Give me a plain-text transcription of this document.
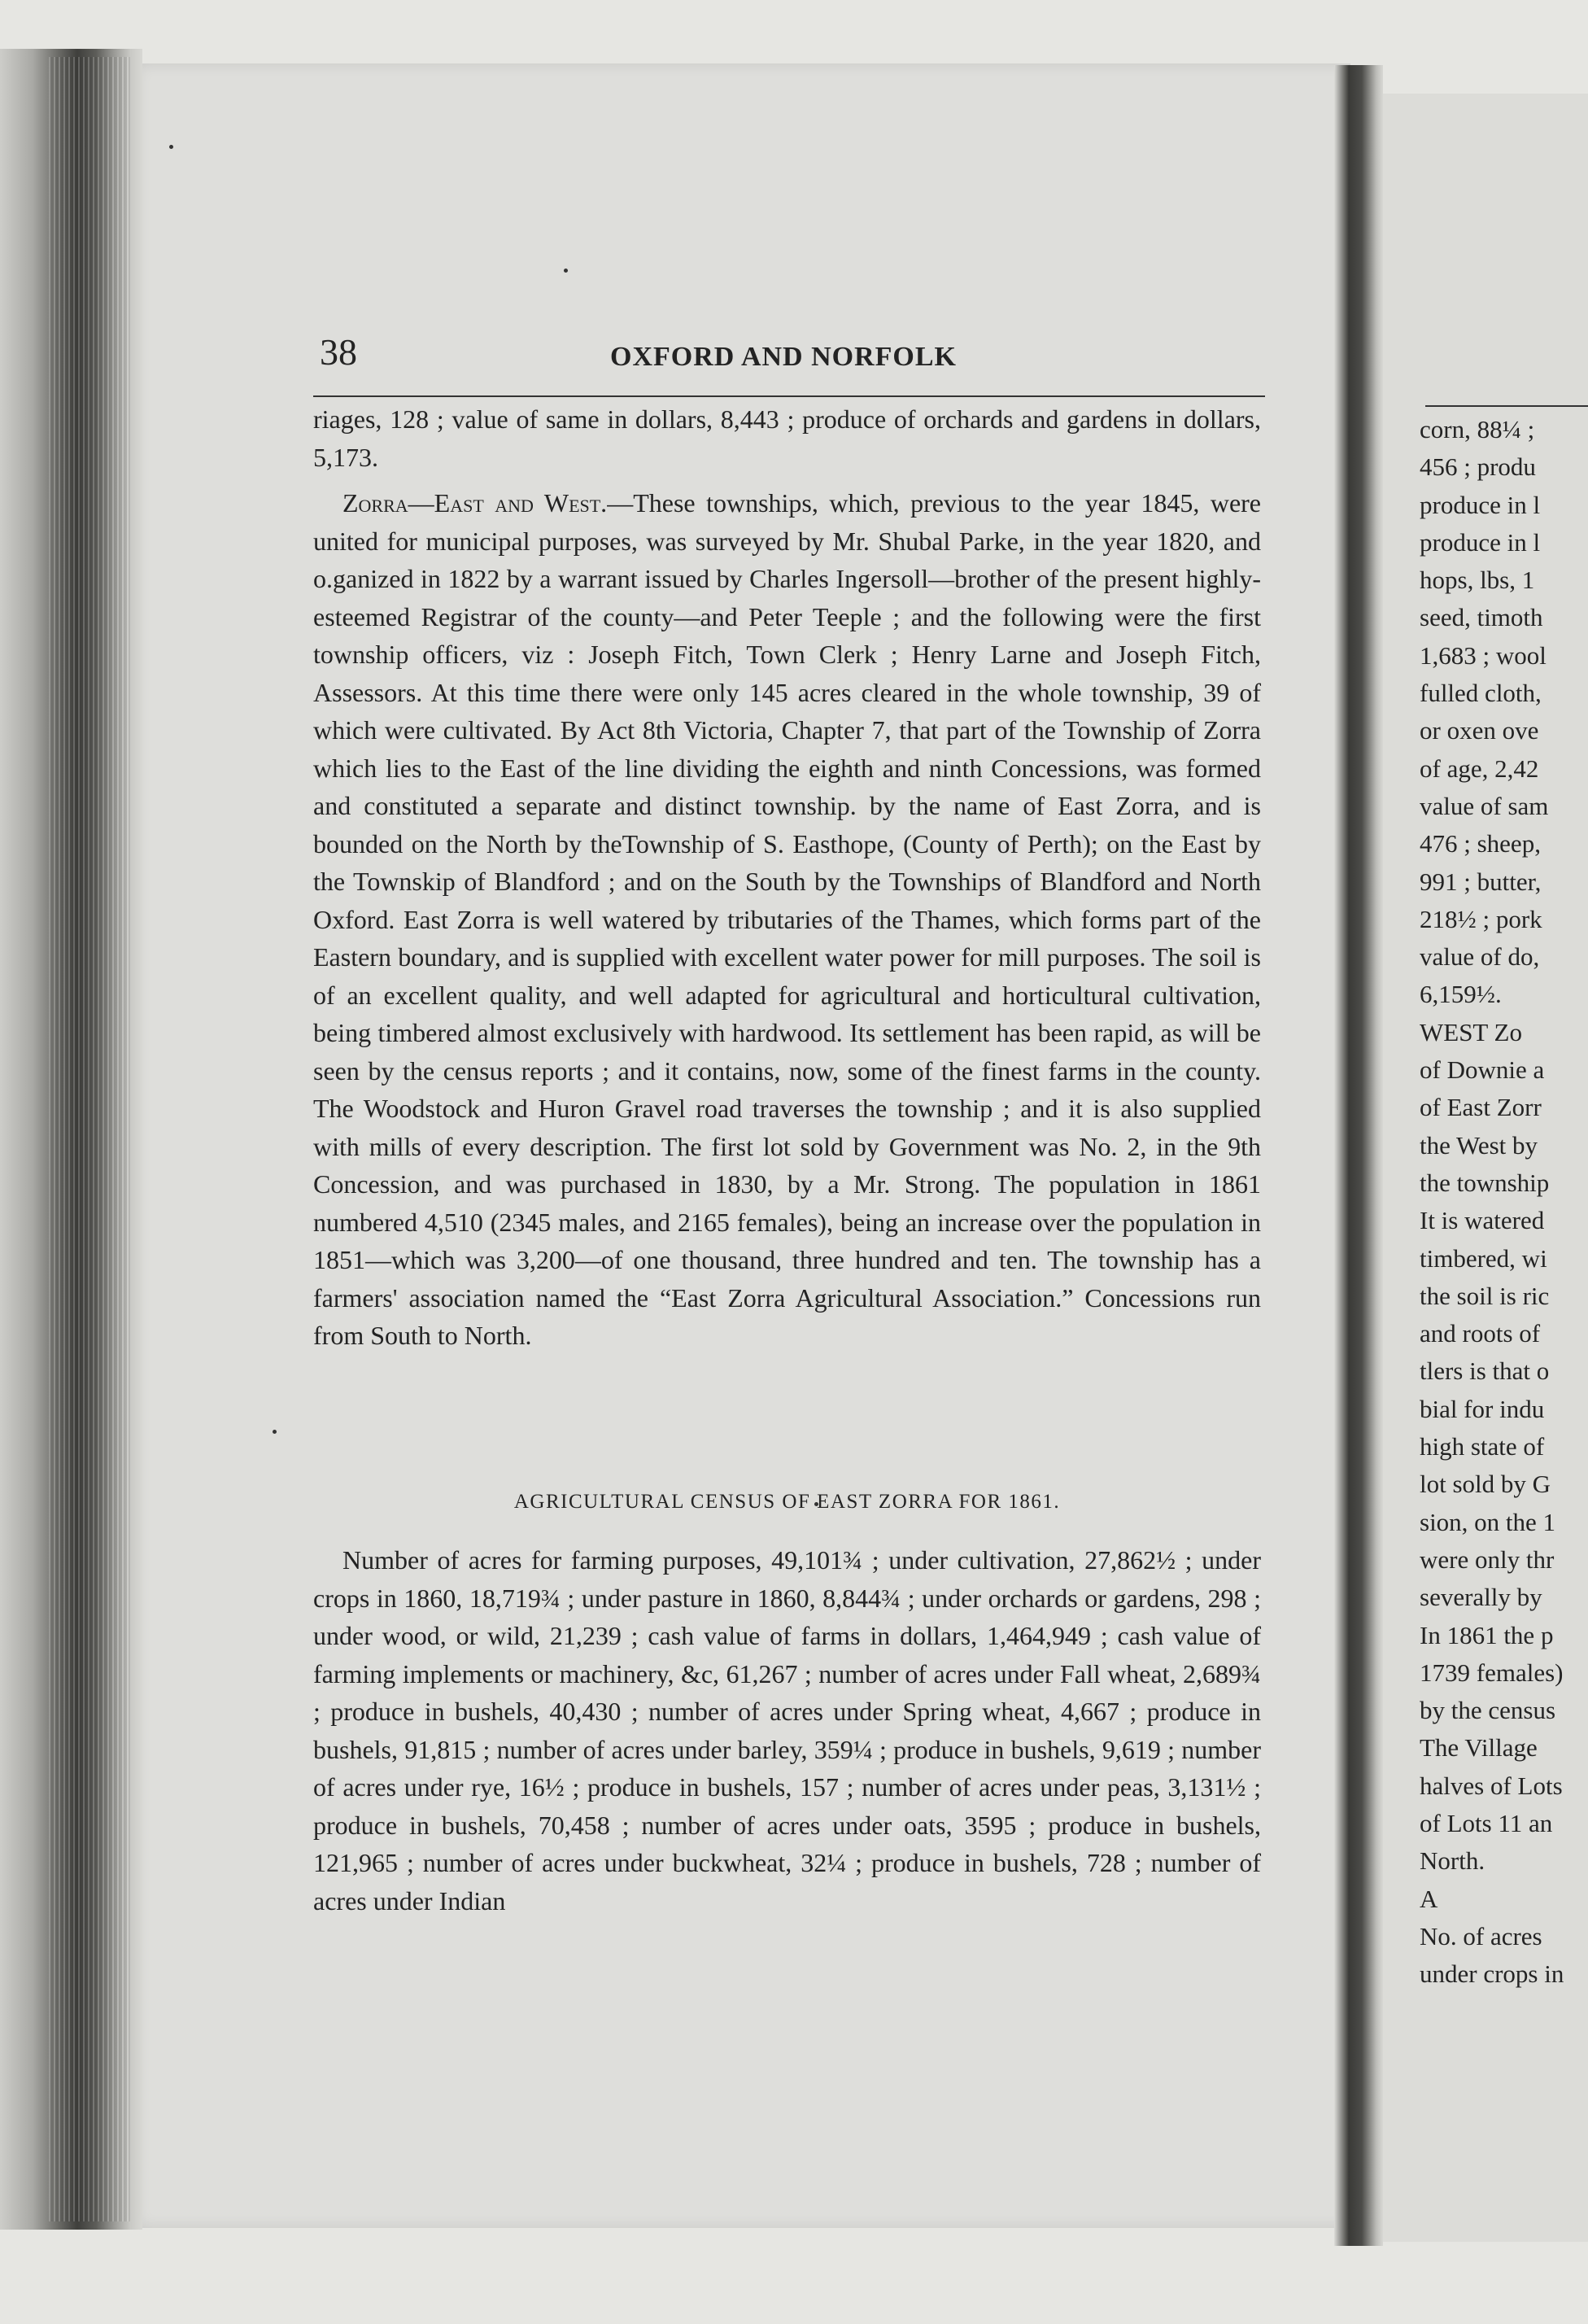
38	OXFORD AND NORFOLK

riages, 128 ; value of same in dollars, 8,443 ; produce of orchards and gardens in dollars, 5,173.

Zorra—East and West.—These townships, which, previous to the year 1845, were united for municipal purposes, was surveyed by Mr. Shubal Parke, in the year 1820, and o.ganized in 1822 by a warrant issued by Charles Ingersoll—brother of the present highly-esteemed Registrar of the county—and Peter Teeple ; and the following were the first township officers, viz : Joseph Fitch, Town Clerk ; Henry Larne and Joseph Fitch, Assessors. At this time there were only 145 acres cleared in the whole township, 39 of which were cultivated. By Act 8th Victoria, Chapter 7, that part of the Township of Zorra which lies to the East of the line dividing the eighth and ninth Concessions, was formed and constituted a separate and distinct township. by the name of East Zorra, and is bounded on the North by theTownship of S. Easthope, (County of Perth); on the East by the Townskip of Blandford ; and on the South by the Townships of Blandford and North Oxford. East Zorra is well watered by tributaries of the Thames, which forms part of the Eastern boundary, and is supplied with excellent water power for mill purposes. The soil is of an excellent quality, and well adapted for agricultural and horticultural cultivation, being timbered almost exclusively with hardwood. Its settlement has been rapid, as will be seen by the census reports ; and it contains, now, some of the finest farms in the county. The Woodstock and Huron Gravel road traverses the township ; and it is also supplied with mills of every description. The first lot sold by Government was No. 2, in the 9th Concession, and was purchased in 1830, by a Mr. Strong. The population in 1861 numbered 4,510 (2345 males, and 2165 females), being an increase over the population in 1851—which was 3,200—of one thousand, three hundred and ten. The township has a farmers' association named the “East Zorra Agricultural Association.” Concessions run from South to North.

AGRICULTURAL CENSUS OF EAST ZORRA FOR 1861.

Number of acres for farming purposes, 49,101¾ ; under cultivation, 27,862½ ; under crops in 1860, 18,719¾ ; under pasture in 1860, 8,844¾ ; under orchards or gardens, 298 ; under wood, or wild, 21,239 ; cash value of farms in dollars, 1,464,949 ; cash value of farming implements or machinery, &c, 61,267 ; number of acres under Fall wheat, 2,689¾ ; produce in bushels, 40,430 ; number of acres under Spring wheat, 4,667 ; produce in bushels, 91,815 ; number of acres under barley, 359¼ ; produce in bushels, 9,619 ; number of acres under rye, 16½ ; produce in bushels, 157 ; number of acres under peas, 3,131½ ; produce in bushels, 70,458 ; number of acres under oats, 3595 ; produce in bushels, 121,965 ; number of acres under buckwheat, 32¼ ; produce in bushels, 728 ; number of acres under Indian

corn, 88¼ ;
456 ; produ
produce in l
produce in l
hops, lbs, 1
seed, timoth
1,683 ; wool
fulled cloth,
or oxen ove
of age, 2,42
value of sam
476 ; sheep,
991 ; butter,
218½ ; pork
value of do,
6,159½.
WEST Zo
of Downie a
of East Zorr
the West by
the township
It is watered
timbered, wi
the soil is ric
and roots of
tlers is that o
bial for indu
high state of
lot sold by G
sion, on the 1
were only thr
severally by
In 1861 the p
1739 females)
by the census
The Village
halves of Lots
of Lots 11 an
North.
A
No. of acres
under crops in
